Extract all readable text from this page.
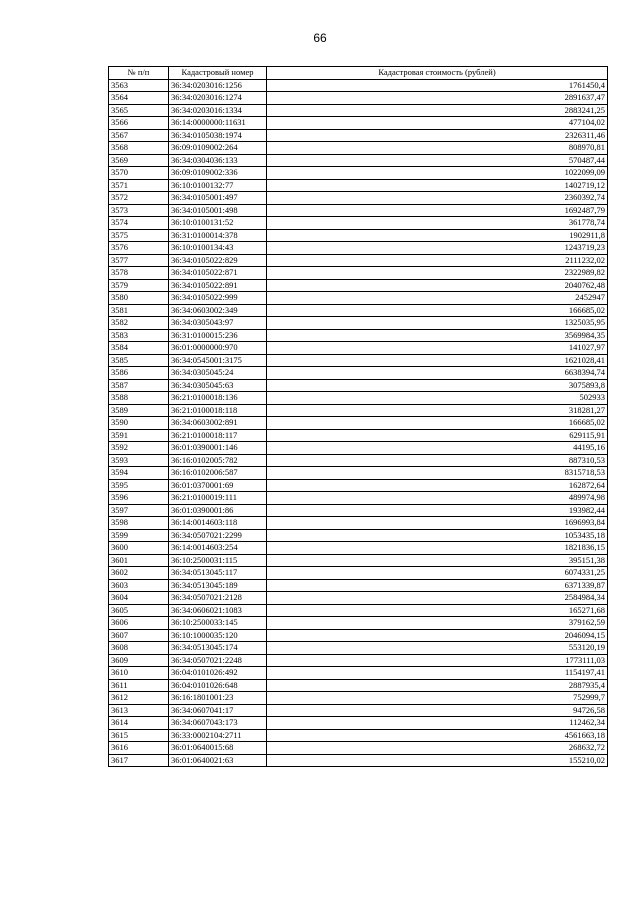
66
№ п/п	Кадастровый номер	Кадастровая стоимость (рублей)
3563	36:34:0203016:1256	1761450,4
3564	36:34:0203016:1274	2891637,47
3565	36:34:0203016:1334	2883241,25
3566	36:14:0000000:11631	477104,02
3567	36:34:0105038:1974	2326311,46
3568	36:09:0109002:264	808970,81
3569	36:34:0304036:133	570487,44
3570	36:09:0109002:336	1022099,09
3571	36:10:0100132:77	1402719,12
3572	36:34:0105001:497	2360392,74
3573	36:34:0105001:498	1692487,79
3574	36:10:0100131:52	361778,74
3575	36:31:0100014:378	1902911,8
3576	36:10:0100134:43	1243719,23
3577	36:34:0105022:829	2111232,02
3578	36:34:0105022:871	2322989,82
3579	36:34:0105022:891	2040762,48
3580	36:34:0105022:999	2452947
3581	36:34:0603002:349	166685,02
3582	36:34:0305043:97	1325035,95
3583	36:31:0100015:236	3569984,35
3584	36:01:0000000:970	141027,97
3585	36:34:0545001:3175	1621028,41
3586	36:34:0305045:24	6638394,74
3587	36:34:0305045:63	3075893,8
3588	36:21:0100018:136	502933
3589	36:21:0100018:118	318281,27
3590	36:34:0603002:891	166685,02
3591	36:21:0100018:117	629115,91
3592	36:01:0390001:146	44195,16
3593	36:16:0102005:782	887310,53
3594	36:16:0102006:587	8315718,53
3595	36:01:0370001:69	162872,64
3596	36:21:0100019:111	489974,98
3597	36:01:0390001:86	193982,44
3598	36:14:0014603:118	1696993,84
3599	36:34:0507021:2299	1053435,18
3600	36:14:0014603:254	1821836,15
3601	36:10:2500031:115	395151,38
3602	36:34:0513045:117	6074331,25
3603	36:34:0513045:189	6371339,87
3604	36:34:0507021:2128	2584984,34
3605	36:34:0606021:1083	165271,68
3606	36:10:2500033:145	379162,59
3607	36:10:1000035:120	2046094,15
3608	36:34:0513045:174	553120,19
3609	36:34:0507021:2248	1773111,03
3610	36:04:0101026:492	1154197,41
3611	36:04:0101026:648	2887935,4
3612	36:16:1801001:23	752999,7
3613	36:34:0607041:17	94726,58
3614	36:34:0607043:173	112462,34
3615	36:33:0002104:2711	4561663,18
3616	36:01:0640015:68	268632,72
3617	36:01:0640021:63	155210,02
